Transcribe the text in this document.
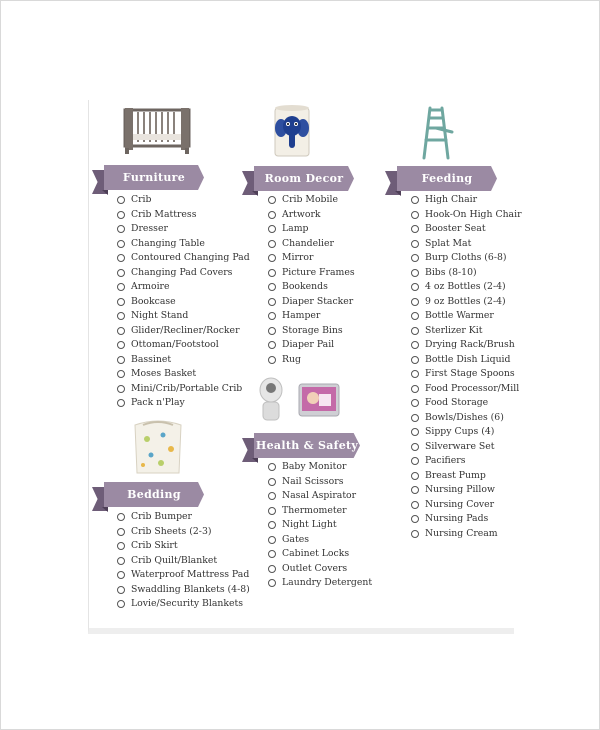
Furniture
Crib
Crib Mattress
Dresser
Changing Table
Contoured Changing Pad
Changing Pad Covers
Armoire
Bookcase
Night Stand
Glider/Recliner/Rocker
Ottoman/Footstool
Bassinet
Moses Basket
Mini/Crib/Portable Crib
Pack n'Play
Room Decor
Crib Mobile
Artwork
Lamp
Chandelier
Mirror
Picture Frames
Bookends
Diaper Stacker
Hamper
Storage Bins
Diaper Pail
Rug
Feeding
High Chair
Hook-On High Chair
Booster Seat
Splat Mat
Burp Cloths (6-8)
Bibs (8-10)
4 oz Bottles (2-4)
9 oz Bottles (2-4)
Bottle Warmer
Sterlizer Kit
Drying Rack/Brush
Bottle Dish Liquid
First Stage Spoons
Food Processor/Mill
Food Storage
Bowls/Dishes (6)
Sippy Cups (4)
Silverware Set
Pacifiers
Breast Pump
Nursing Pillow
Nursing Cover
Nursing Pads
Nursing Cream
Bedding
Crib Bumper
Crib Sheets (2-3)
Crib Skirt
Crib Quilt/Blanket
Waterproof Mattress Pad
Swaddling Blankets (4-8)
Lovie/Security Blankets
Health & Safety
Baby Monitor
Nail Scissors
Nasal Aspirator
Thermometer
Night Light
Gates
Cabinet Locks
Outlet Covers
Laundry Detergent
